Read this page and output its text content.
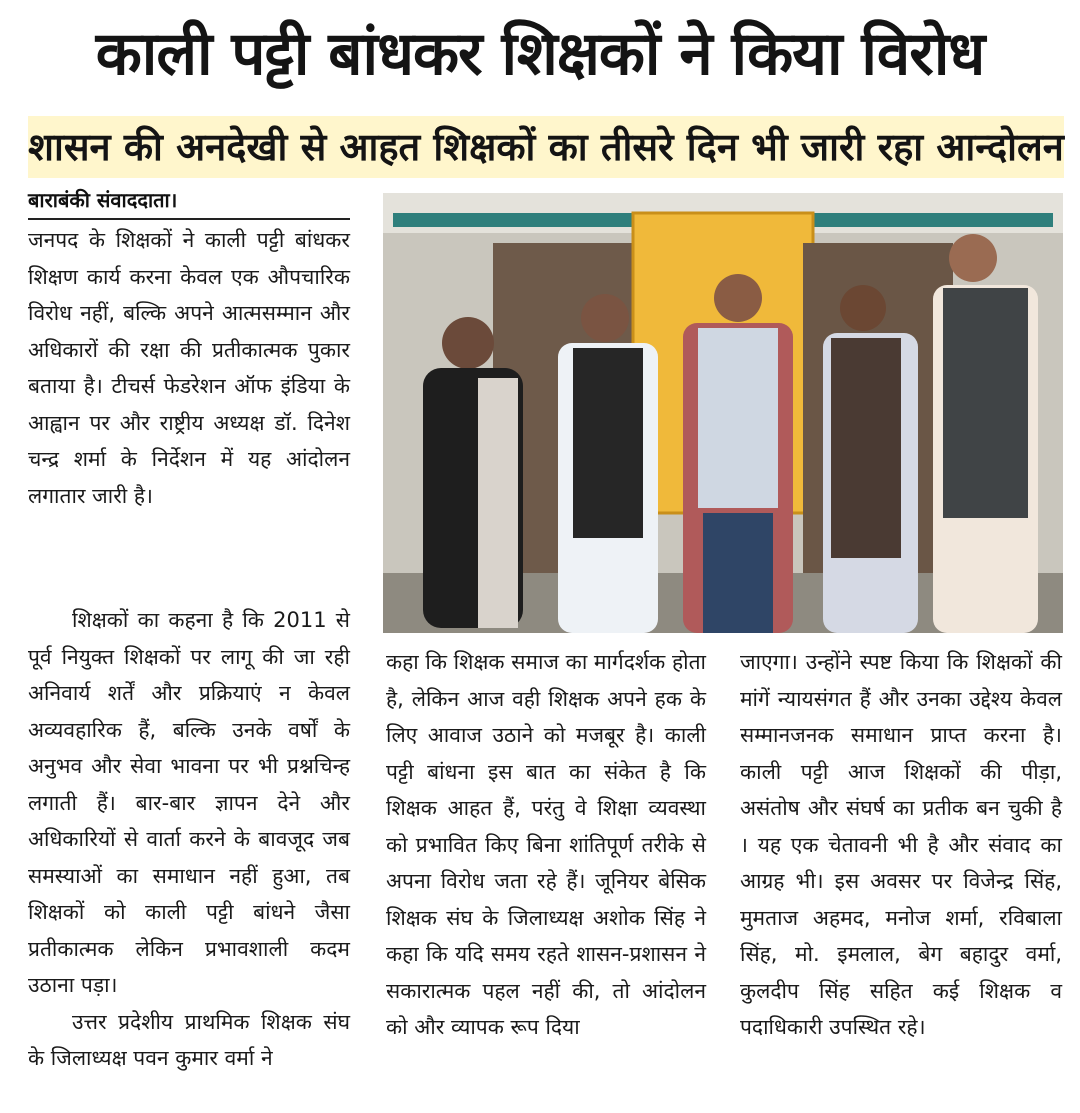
काली पट्टी बांधकर शिक्षकों ने किया विरोध
शासन की अनदेखी से आहत शिक्षकों का तीसरे दिन भी जारी रहा आन्दोलन
बाराबंकी संवाददाता।

जनपद के शिक्षकों ने काली पट्टी बांधकर शिक्षण कार्य करना केवल एक औपचारिक विरोध नहीं, बल्कि अपने आत्मसम्मान और अधिकारों की रक्षा की प्रतीकात्मक पुकार बताया है। टीचर्स फेडरेशन ऑफ इंडिया के आह्वान पर और राष्ट्रीय अध्यक्ष डॉ. दिनेश चन्द्र शर्मा के निर्देशन में यह आंदोलन लगातार जारी है।

शिक्षकों का कहना है कि 2011 से पूर्व नियुक्त शिक्षकों पर लागू की जा रही अनिवार्य शर्तें और प्रक्रियाएं न केवल अव्यवहारिक हैं, बल्कि उनके वर्षों के अनुभव और सेवा भावना पर भी प्रश्नचिन्ह लगाती हैं। बार-बार ज्ञापन देने और अधिकारियों से वार्ता करने के बावजूद जब समस्याओं का समाधान नहीं हुआ, तब शिक्षकों को काली पट्टी बांधने जैसा प्रतीकात्मक लेकिन प्रभावशाली कदम उठाना पड़ा।

उत्तर प्रदेशीय प्राथमिक शिक्षक संघ के जिलाध्यक्ष पवन कुमार वर्मा ने

कहा कि शिक्षक समाज का मार्गदर्शक होता है, लेकिन आज वही शिक्षक अपने हक के लिए आवाज उठाने को मजबूर है। काली पट्टी बांधना इस बात का संकेत है कि शिक्षक आहत हैं, परंतु वे शिक्षा व्यवस्था को प्रभावित किए बिना शांतिपूर्ण तरीके से अपना विरोध जता रहे हैं। जूनियर बेसिक शिक्षक संघ के जिलाध्यक्ष अशोक सिंह ने कहा कि यदि समय रहते शासन-प्रशासन ने सकारात्मक पहल नहीं की, तो आंदोलन को और व्यापक रूप दिया

जाएगा। उन्होंने स्पष्ट किया कि शिक्षकों की मांगें न्यायसंगत हैं और उनका उद्देश्य केवल सम्मानजनक समाधान प्राप्त करना है। काली पट्टी आज शिक्षकों की पीड़ा, असंतोष और संघर्ष का प्रतीक बन चुकी है । यह एक चेतावनी भी है और संवाद का आग्रह भी। इस अवसर पर विजेन्द्र सिंह, मुमताज अहमद, मनोज शर्मा, रविबाला सिंह, मो. इमलाल, बेग बहादुर वर्मा, कुलदीप सिंह सहित कई शिक्षक व पदाधिकारी उपस्थित रहे।
